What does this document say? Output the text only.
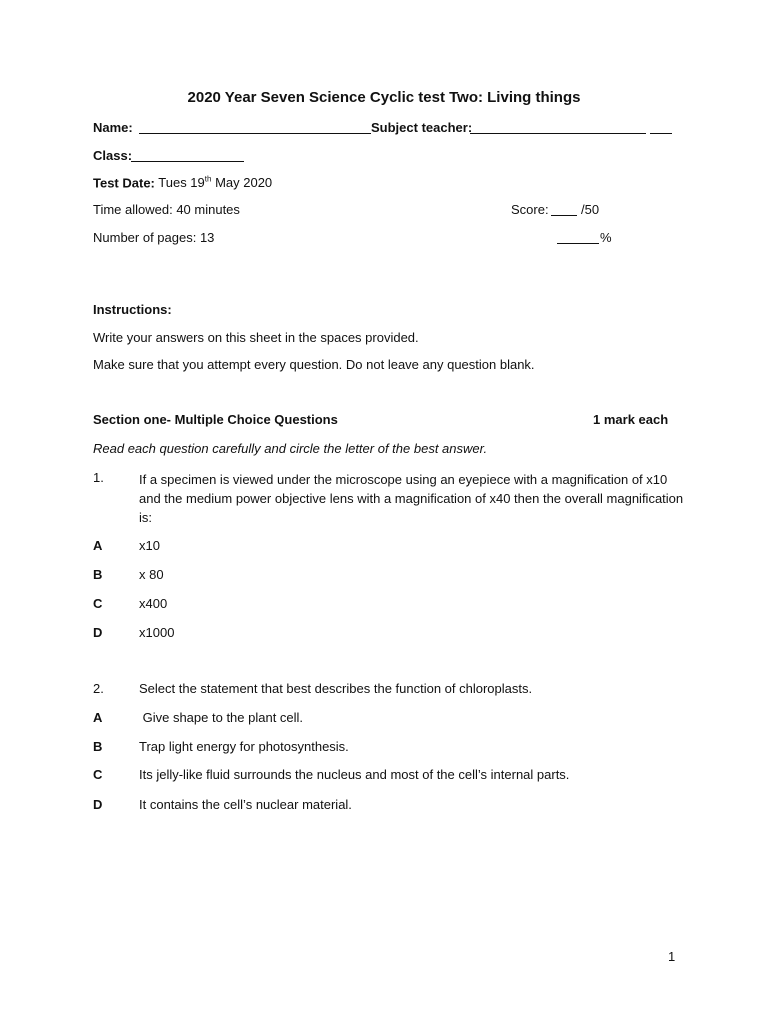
2020 Year Seven Science Cyclic test Two: Living things
Name:	Subject teacher:
Class:
Test Date: Tues 19th May 2020
Time allowed: 40 minutes	Score: /50
Number of pages: 13	%
Instructions:
Write your answers on this sheet in the spaces provided.
Make sure that you attempt every question. Do not leave any question blank.
Section one- Multiple Choice Questions	1 mark each
Read each question carefully and circle the letter of the best answer.
1.	If a specimen is viewed under the microscope using an eyepiece with a magnification of x10 and the medium power objective lens with a magnification of x40 then the overall magnification is:
A	x10
B	x 80
C	x400
D	x1000
2.	Select the statement that best describes the function of chloroplasts.
A	Give shape to the plant cell.
B	Trap light energy for photosynthesis.
C	Its jelly-like fluid surrounds the nucleus and most of the cell’s internal parts.
D	It contains the cell’s nuclear material.
1
